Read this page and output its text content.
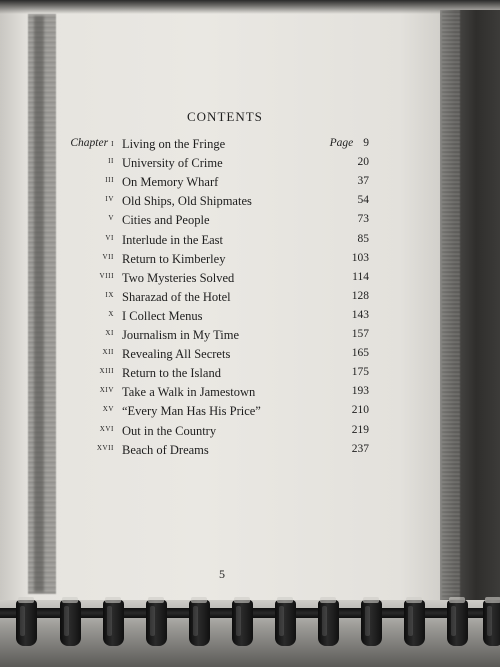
CONTENTS
Chapter i Living on the Fringe	Page 9
ii University of Crime	20
iii On Memory Wharf	37
iv Old Ships, Old Shipmates	54
v Cities and People	73
vi Interlude in the East	85
vii Return to Kimberley	103
viii Two Mysteries Solved	114
ix Sharazad of the Hotel	128
x I Collect Menus	143
xi Journalism in My Time	157
xii Revealing All Secrets	165
xiii Return to the Island	175
xiv Take a Walk in Jamestown	193
xv “Every Man Has His Price”	210
xvi Out in the Country	219
xvii Beach of Dreams	237
5
